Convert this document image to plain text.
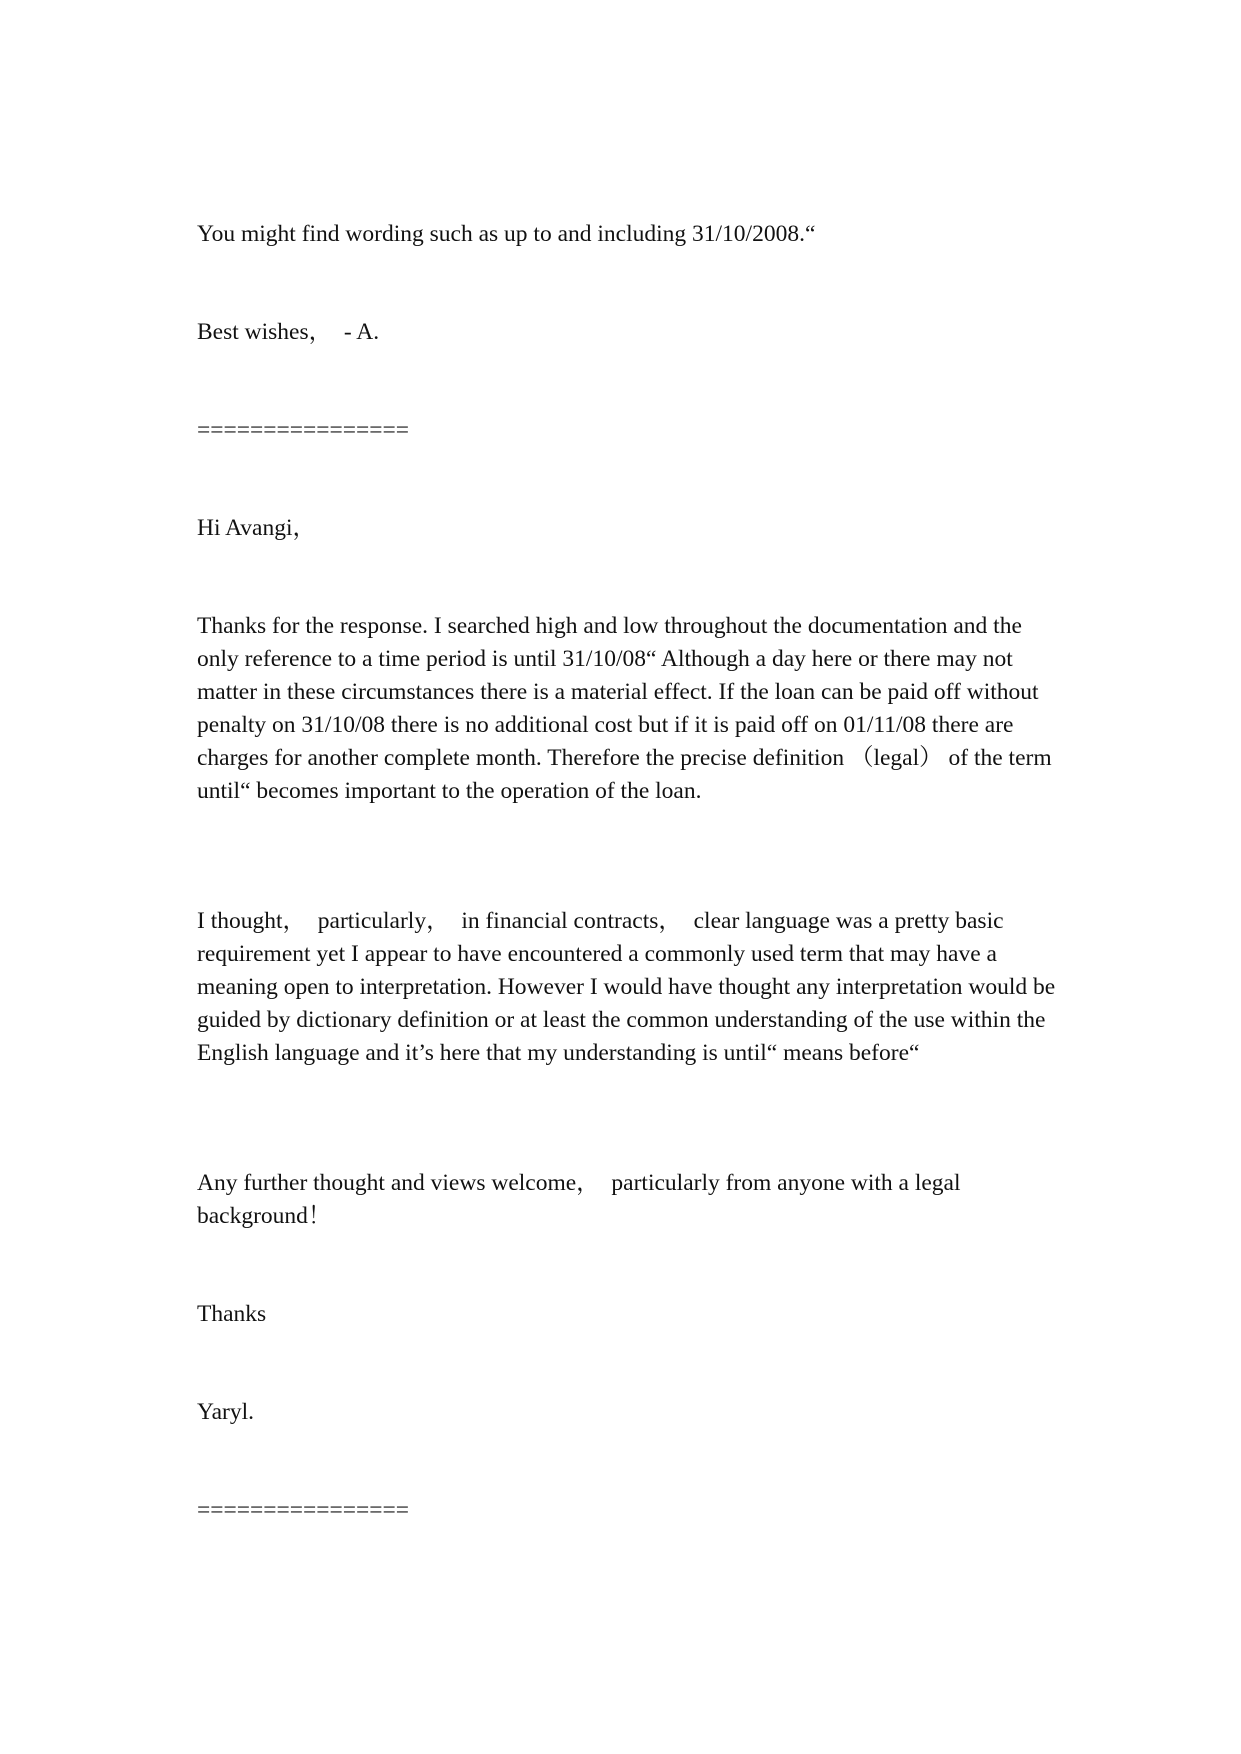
You might find wording such as up to and including 31/10/2008.“

Best wishes，  - A.

================

Hi Avangi，

Thanks for the response. I searched high and low throughout the documentation and the only reference to a time period is until 31/10/08“ Although a day here or there may not matter in these circumstances there is a material effect. If the loan can be paid off without penalty on 31/10/08 there is no additional cost but if it is paid off on 01/11/08 there are charges for another complete month. Therefore the precise definition （legal） of the term until“ becomes important to the operation of the loan.

I thought，  particularly，  in financial contracts，  clear language was a pretty basic requirement yet I appear to have encountered a commonly used term that may have a meaning open to interpretation. However I would have thought any interpretation would be guided by dictionary definition or at least the common understanding of the use within the English language and it’s here that my understanding is until“ means before“

Any further thought and views welcome，  particularly from anyone with a legal background！

Thanks

Yaryl.

================
